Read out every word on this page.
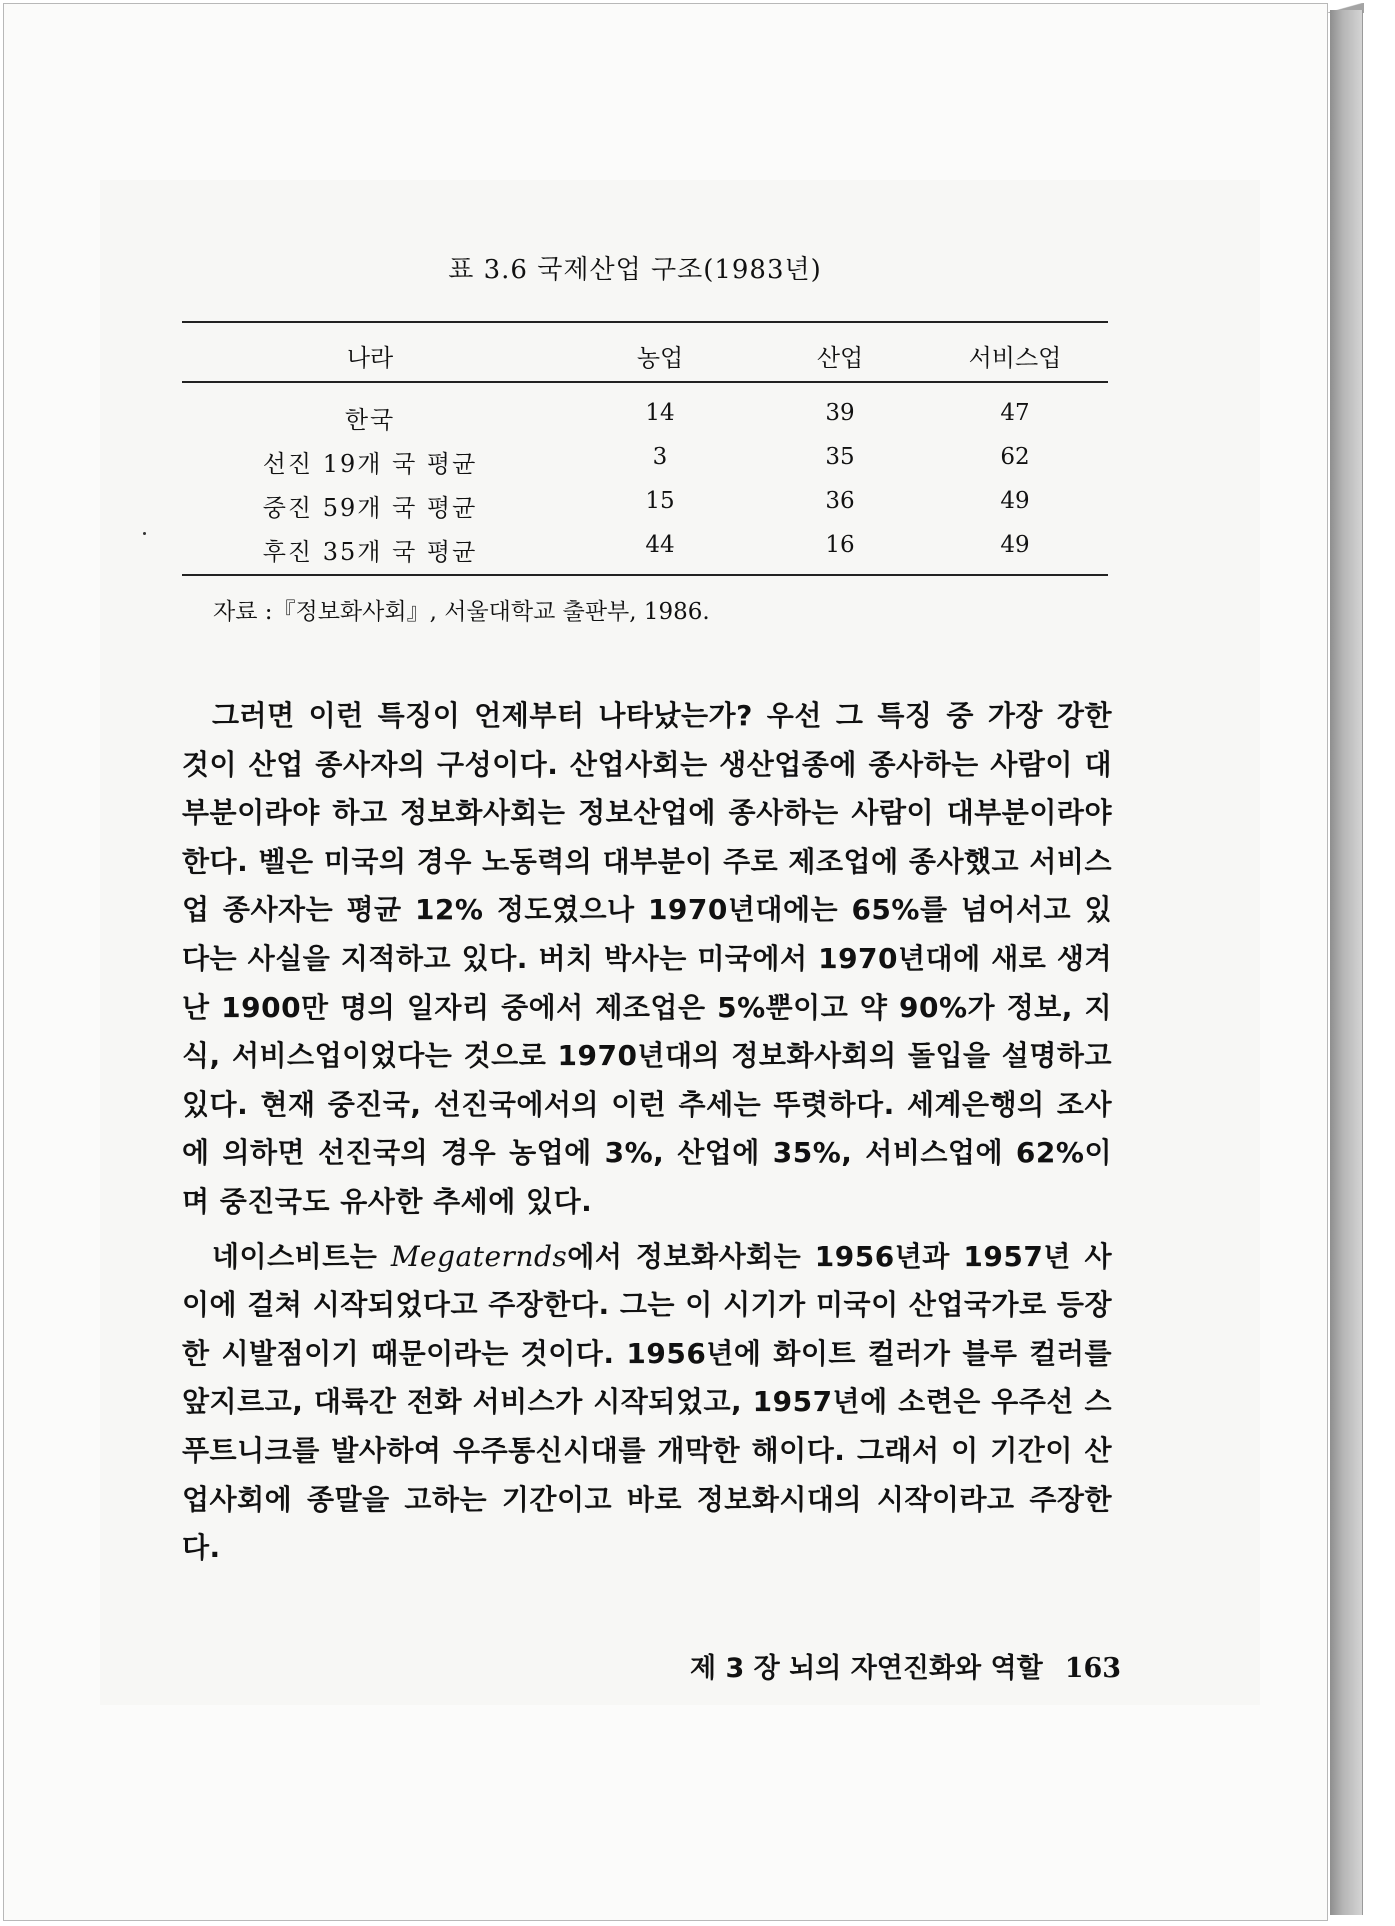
표 3.6 국제산업 구조(1983년)
나라	농업	산업	서비스업
한국	14	39	47
선진 19개 국 평균	3	35	62
중진 59개 국 평균	15	36	49
후진 35개 국 평균	44	16	49
자료 :『정보화사회』, 서울대학교 출판부, 1986.

그러면 이런 특징이 언제부터 나타났는가? 우선 그 특징 중 가장 강한 것이 산업 종사자의 구성이다. 산업사회는 생산업종에 종사하는 사람이 대부분이라야 하고 정보화사회는 정보산업에 종사하는 사람이 대부분이라야 한다. 벨은 미국의 경우 노동력의 대부분이 주로 제조업에 종사했고 서비스업 종사자는 평균 12% 정도였으나 1970년대에는 65%를 넘어서고 있다는 사실을 지적하고 있다. 버치 박사는 미국에서 1970년대에 새로 생겨난 1900만 명의 일자리 중에서 제조업은 5%뿐이고 약 90%가 정보, 지식, 서비스업이었다는 것으로 1970년대의 정보화사회의 돌입을 설명하고 있다. 현재 중진국, 선진국에서의 이런 추세는 뚜렷하다. 세계은행의 조사에 의하면 선진국의 경우 농업에 3%, 산업에 35%, 서비스업에 62%이며 중진국도 유사한 추세에 있다.

네이스비트는 Megaternds에서 정보화사회는 1956년과 1957년 사이에 걸쳐 시작되었다고 주장한다. 그는 이 시기가 미국이 산업국가로 등장한 시발점이기 때문이라는 것이다. 1956년에 화이트 컬러가 블루 컬러를 앞지르고, 대륙간 전화 서비스가 시작되었고, 1957년에 소련은 우주선 스푸트니크를 발사하여 우주통신시대를 개막한 해이다. 그래서 이 기간이 산업사회에 종말을 고하는 기간이고 바로 정보화시대의 시작이라고 주장한다.

제 3 장 뇌의 자연진화와 역할 163
